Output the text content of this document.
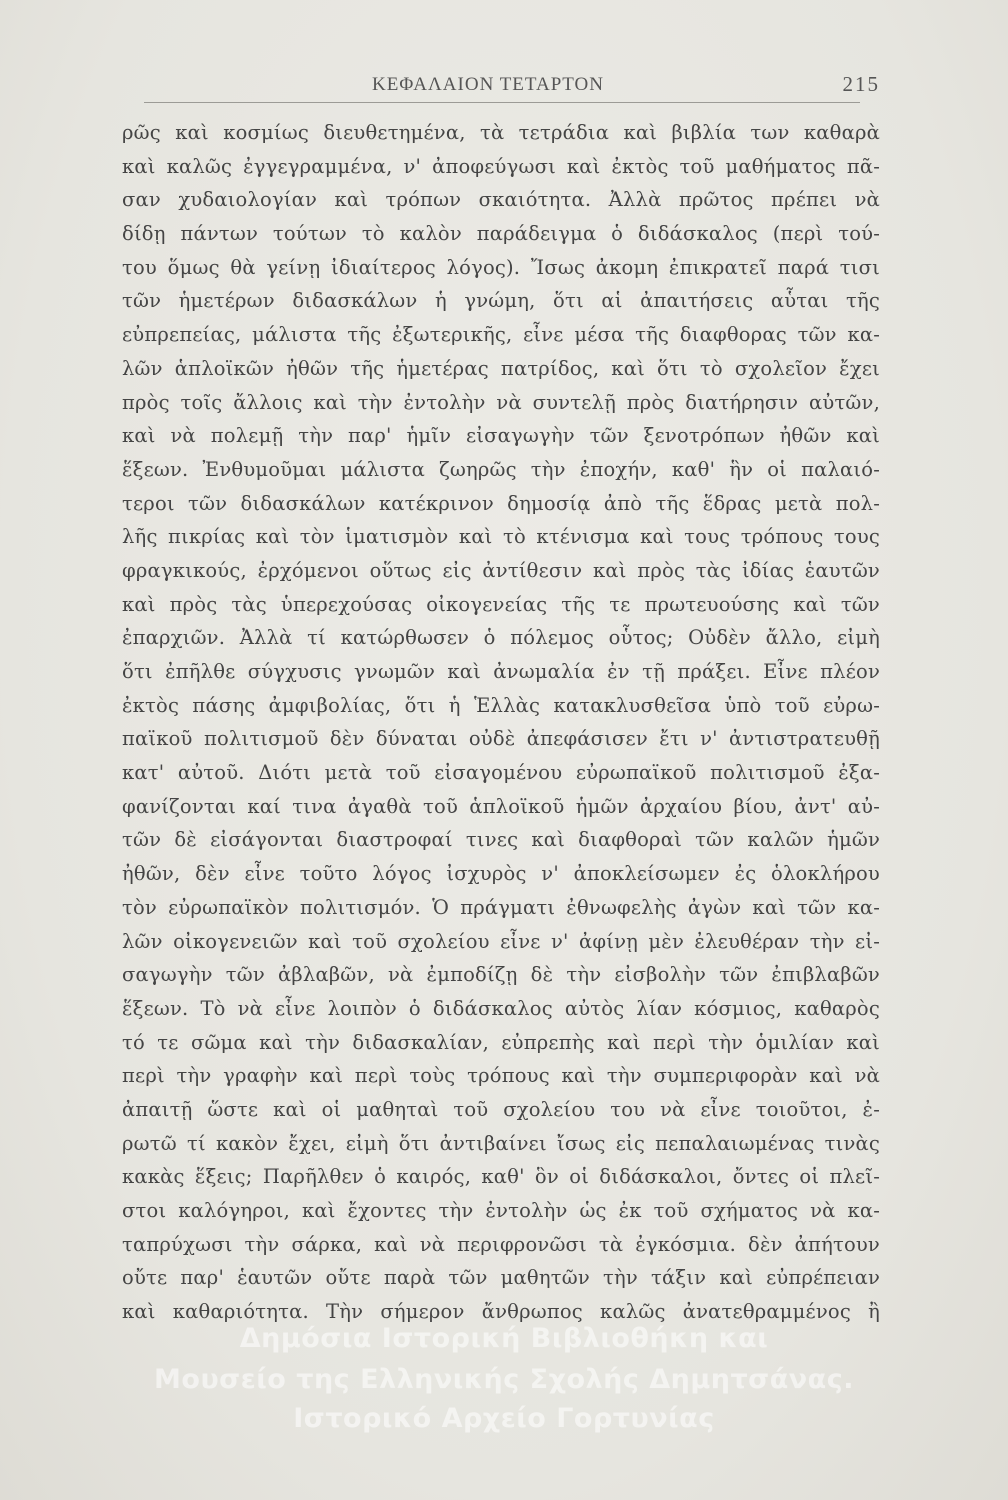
ΚΕΦΑΛΑΙΟΝ ΤΕΤΑΡΤΟΝ	215
ρῶς καὶ κοσμίως διευθετημένα, τὰ τετράδια καὶ βιβλία των καθαρὰ
καὶ καλῶς ἐγγεγραμμένα, ν' ἀποφεύγωσι καὶ ἐκτὸς τοῦ μαθήματος πᾶ-
σαν χυδαιολογίαν καὶ τρόπων σκαιότητα. Ἀλλὰ πρῶτος πρέπει νὰ
δίδῃ πάντων τούτων τὸ καλὸν παράδειγμα ὁ διδάσκαλος (περὶ τού-
του ὅμως θὰ γείνῃ ἰδιαίτερος λόγος). Ἴσως ἀκομη ἐπικρατεῖ παρά τισι
τῶν ἡμετέρων διδασκάλων ἡ γνώμη, ὅτι αἱ ἀπαιτήσεις αὗται τῆς
εὐπρεπείας, μάλιστα τῆς ἐξωτερικῆς, εἶνε μέσα τῆς διαφθορας τῶν κα-
λῶν ἁπλοϊκῶν ἠθῶν τῆς ἡμετέρας πατρίδος, καὶ ὅτι τὸ σχολεῖον ἔχει
πρὸς τοῖς ἄλλοις καὶ τὴν ἐντολὴν νὰ συντελῇ πρὸς διατήρησιν αὐτῶν,
καὶ νὰ πολεμῇ τὴν παρ' ἡμῖν εἰσαγωγὴν τῶν ξενοτρόπων ἠθῶν καὶ
ἕξεων. Ἐνθυμοῦμαι μάλιστα ζωηρῶς τὴν ἐποχήν, καθ' ἣν οἱ παλαιό-
τεροι τῶν διδασκάλων κατέκρινον δημοσίᾳ ἀπὸ τῆς ἕδρας μετὰ πολ-
λῆς πικρίας καὶ τὸν ἱματισμὸν καὶ τὸ κτένισμα καὶ τους τρόπους τους
φραγκικούς, ἐρχόμενοι οὕτως εἰς ἀντίθεσιν καὶ πρὸς τὰς ἰδίας ἑαυτῶν
καὶ πρὸς τὰς ὑπερεχούσας οἰκογενείας τῆς τε πρωτευούσης καὶ τῶν
ἐπαρχιῶν. Ἀλλὰ τί κατώρθωσεν ὁ πόλεμος οὗτος; Οὐδὲν ἄλλο, εἰμὴ
ὅτι ἐπῆλθε σύγχυσις γνωμῶν καὶ ἀνωμαλία ἐν τῇ πράξει. Εἶνε πλέον
ἐκτὸς πάσης ἀμφιβολίας, ὅτι ἡ Ἑλλὰς κατακλυσθεῖσα ὑπὸ τοῦ εὐρω-
παϊκοῦ πολιτισμοῦ δὲν δύναται οὐδὲ ἀπεφάσισεν ἔτι ν' ἀντιστρατευθῇ
κατ' αὐτοῦ. Διότι μετὰ τοῦ εἰσαγομένου εὐρωπαϊκοῦ πολιτισμοῦ ἐξα-
φανίζονται καί τινα ἀγαθὰ τοῦ ἁπλοϊκοῦ ἡμῶν ἀρχαίου βίου, ἀντ' αὐ-
τῶν δὲ εἰσάγονται διαστροφαί τινες καὶ διαφθοραὶ τῶν καλῶν ἡμῶν
ἠθῶν, δὲν εἶνε τοῦτο λόγος ἰσχυρὸς ν' ἀποκλείσωμεν ἐς ὁλοκλήρου
τὸν εὐρωπαϊκὸν πολιτισμόν. Ὁ πράγματι ἐθνωφελὴς ἀγὼν καὶ τῶν κα-
λῶν οἰκογενειῶν καὶ τοῦ σχολείου εἶνε ν' ἀφίνῃ μὲν ἐλευθέραν τὴν εἰ-
σαγωγὴν τῶν ἀβλαβῶν, νὰ ἐμποδίζῃ δὲ τὴν εἰσβολὴν τῶν ἐπιβλαβῶν
ἕξεων. Τὸ νὰ εἶνε λοιπὸν ὁ διδάσκαλος αὐτὸς λίαν κόσμιος, καθαρὸς
τό τε σῶμα καὶ τὴν διδασκαλίαν, εὐπρεπὴς καὶ περὶ τὴν ὁμιλίαν καὶ
περὶ τὴν γραφὴν καὶ περὶ τοὺς τρόπους καὶ τὴν συμπεριφορὰν καὶ νὰ
ἀπαιτῇ ὥστε καὶ οἱ μαθηταὶ τοῦ σχολείου του νὰ εἶνε τοιοῦτοι, ἐ-
ρωτῶ τί κακὸν ἔχει, εἰμὴ ὅτι ἀντιβαίνει ἴσως εἰς πεπαλαιωμένας τινὰς
κακὰς ἕξεις; Παρῆλθεν ὁ καιρός, καθ' ὃν οἱ διδάσκαλοι, ὄντες οἱ πλεῖ-
στοι καλόγηροι, καὶ ἔχοντες τὴν ἐντολὴν ὡς ἐκ τοῦ σχήματος νὰ κα-
ταπρύχωσι τὴν σάρκα, καὶ νὰ περιφρονῶσι τὰ ἐγκόσμια. δὲν ἀπήτουν
οὔτε παρ' ἑαυτῶν οὔτε παρὰ τῶν μαθητῶν τὴν τάξιν καὶ εὐπρέπειαν
καὶ καθαριότητα. Τὴν σήμερον ἄνθρωπος καλῶς ἀνατεθραμμένος ἢ
Δημόσια Ιστορική Βιβλιοθήκη και
Μουσείο της Ελληνικής Σχολής Δημητσάνας.
Ιστορικό Αρχείο Γορτυνίας
